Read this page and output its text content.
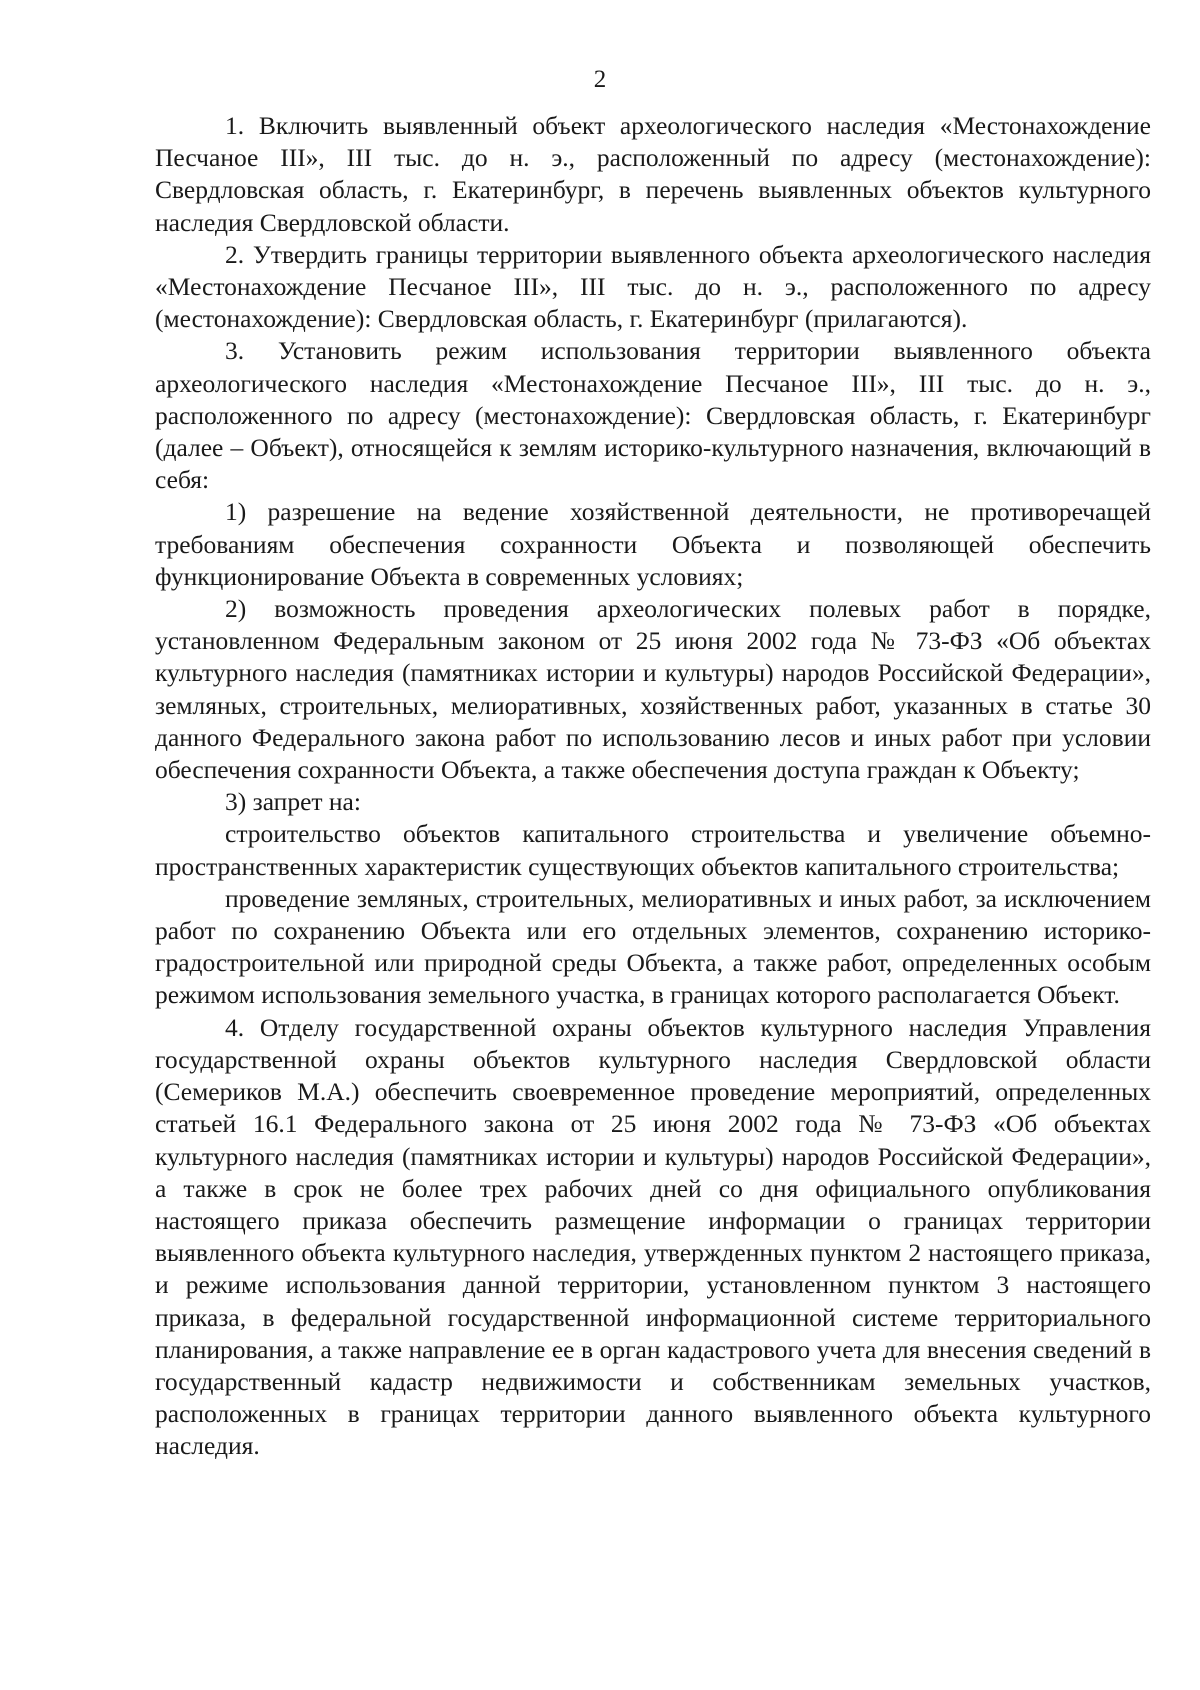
2

1. Включить выявленный объект археологического наследия «Местонахождение Песчаное III», III тыс. до н. э., расположенный по адресу (местонахождение): Свердловская область, г. Екатеринбург, в перечень выявленных объектов культурного наследия Свердловской области.

2. Утвердить границы территории выявленного объекта археологического наследия «Местонахождение Песчаное III», III тыс. до н. э., расположенного по адресу (местонахождение): Свердловская область, г. Екатеринбург (прилагаются).

3. Установить режим использования территории выявленного объекта археологического наследия «Местонахождение Песчаное III», III тыс. до н. э., расположенного по адресу (местонахождение): Свердловская область, г. Екатеринбург (далее – Объект), относящейся к землям историко-культурного назначения, включающий в себя:

1) разрешение на ведение хозяйственной деятельности, не противоречащей требованиям обеспечения сохранности Объекта и позволяющей обеспечить функционирование Объекта в современных условиях;

2) возможность проведения археологических полевых работ в порядке, установленном Федеральным законом от 25 июня 2002 года № 73-ФЗ «Об объектах культурного наследия (памятниках истории и культуры) народов Российской Федерации», земляных, строительных, мелиоративных, хозяйственных работ, указанных в статье 30 данного Федерального закона работ по использованию лесов и иных работ при условии обеспечения сохранности Объекта, а также обеспечения доступа граждан к Объекту;

3) запрет на:

строительство объектов капитального строительства и увеличение объемно-пространственных характеристик существующих объектов капитального строительства;

проведение земляных, строительных, мелиоративных и иных работ, за исключением работ по сохранению Объекта или его отдельных элементов, сохранению историко-градостроительной или природной среды Объекта, а также работ, определенных особым режимом использования земельного участка, в границах которого располагается Объект.

4. Отделу государственной охраны объектов культурного наследия Управления государственной охраны объектов культурного наследия Свердловской области (Семериков М.А.) обеспечить своевременное проведение мероприятий, определенных статьей 16.1 Федерального закона от 25 июня 2002 года № 73-ФЗ «Об объектах культурного наследия (памятниках истории и культуры) народов Российской Федерации», а также в срок не более трех рабочих дней со дня официального опубликования настоящего приказа обеспечить размещение информации о границах территории выявленного объекта культурного наследия, утвержденных пунктом 2 настоящего приказа, и режиме использования данной территории, установленном пунктом 3 настоящего приказа, в федеральной государственной информационной системе территориального планирования, а также направление ее в орган кадастрового учета для внесения сведений в государственный кадастр недвижимости и собственникам земельных участков, расположенных в границах территории данного выявленного объекта культурного наследия.
